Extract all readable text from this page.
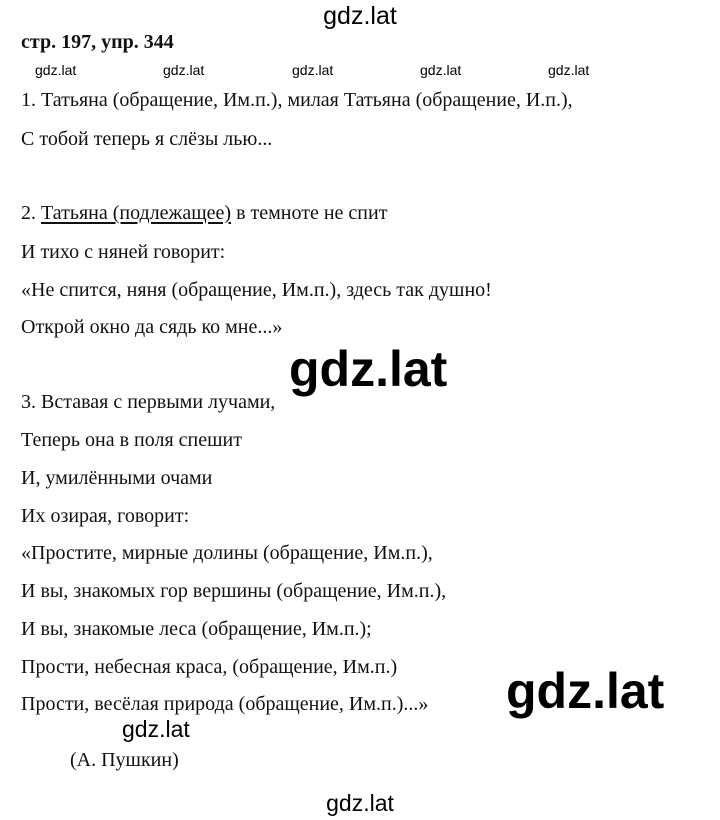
gdz.lat
стр. 197, упр. 344
gdz.lat	gdz.lat	gdz.lat	gdz.lat	gdz.lat
1. Татьяна (обращение, Им.п.), милая Татьяна (обращение, И.п.),
С тобой теперь я слёзы лью...
2. Татьяна (подлежащее) в темноте не спит
И тихо с няней говорит:
«Не спится, няня (обращение, Им.п.), здесь так душно!
Открой окно да сядь ко мне...»
gdz.lat
3. Вставая с первыми лучами,
Теперь она в поля спешит
И, умилёнными очами
Их озирая, говорит:
«Простите, мирные долины (обращение, Им.п.),
И вы, знакомых гор вершины (обращение, Им.п.),
И вы, знакомые леса (обращение, Им.п.);
Прости, небесная краса, (обращение, Им.п.)
Прости, весёлая природа (обращение, Им.п.)...» gdz.lat
gdz.lat
(А. Пушкин)
gdz.lat
